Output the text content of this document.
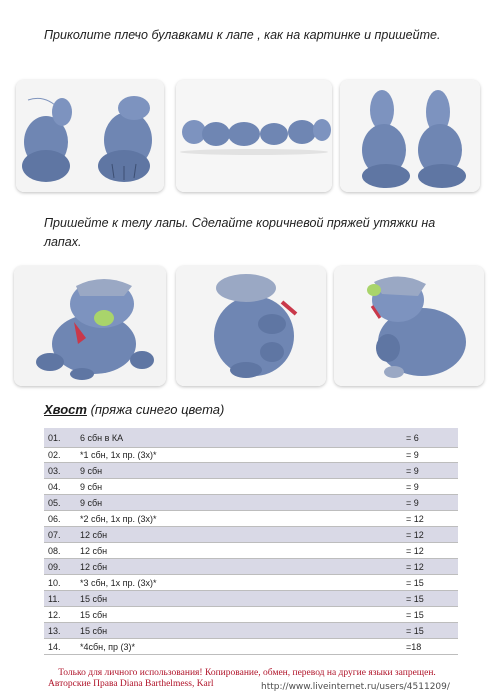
Приколите плечо булавками к лапе , как на картинке и пришейте.
Пришейте к телу лапы. Сделайте коричневой пряжей утяжки на лапах.
Хвост (пряжа синего цвета)
01.	6 сбн в КА	= 6
02.	*1 сбн, 1х пр. (3х)*	= 9
03.	9 сбн	= 9
04.	9 сбн	= 9
05.	9 сбн	= 9
06.	*2 сбн, 1х пр. (3х)*	= 12
07.	12 сбн	= 12
08.	12 сбн	= 12
09.	12 сбн	= 12
10.	*3 сбн, 1х пр. (3х)*	= 15
11.	15 сбн	= 15
12.	15 сбн	= 15
13.	15 сбн	= 15
14.	*4сбн, пр (3)*	=18
Только для личного использования! Копирование, обмен, перевод на другие языки запрещен.
Авторские Права Diana Barthelmess, Karl	http://www.liveinternet.ru/users/4511209/
